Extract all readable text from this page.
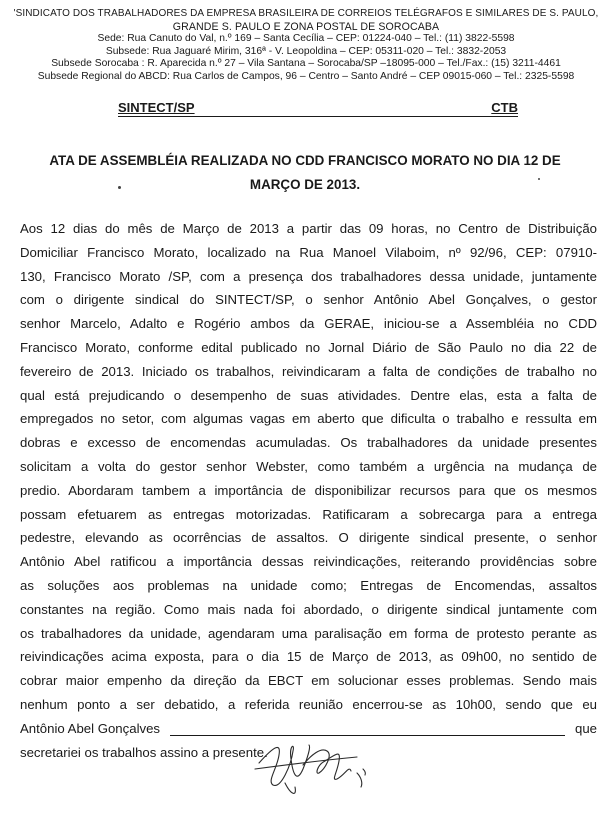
'SINDICATO DOS TRABALHADORES DA EMPRESA BRASILEIRA DE CORREIOS TELÉGRAFOS E SIMILARES DE S. PAULO,
GRANDE S. PAULO E ZONA POSTAL DE SOROCABA
Sede: Rua Canuto do Val, n.º 169 – Santa Cecília – CEP: 01224-040 – Tel.: (11) 3822-5598
Subsede: Rua Jaguaré Mirim, 316ª - V. Leopoldina – CEP: 05311-020 – Tel.: 3832-2053
Subsede Sorocaba : R. Aparecida n.º 27 – Vila Santana – Sorocaba/SP –18095-000 – Tel./Fax.: (15) 3211-4461
Subsede Regional do ABCD: Rua Carlos de Campos, 96 – Centro – Santo André – CEP 09015-060 – Tel.: 2325-5598
SINTECT/SP	CTB
ATA DE ASSEMBLÉIA REALIZADA NO CDD FRANCISCO MORATO NO DIA 12 DE
MARÇO DE 2013.
Aos 12 dias do mês de Março de 2013 a partir das 09 horas, no Centro de Distribuição
Domiciliar Francisco Morato, localizado na Rua Manoel Vilaboim, nº 92/96, CEP: 07910-
130, Francisco Morato /SP, com a presença dos trabalhadores dessa unidade, juntamente
com o dirigente sindical do SINTECT/SP, o senhor Antônio Abel Gonçalves, o gestor
senhor Marcelo, Adalto e Rogério ambos da GERAE, iniciou-se a Assembléia no CDD
Francisco Morato, conforme edital publicado no Jornal Diário de São Paulo no dia 22 de
fevereiro de 2013. Iniciado os trabalhos, reivindicaram a falta de condições de trabalho no
qual está prejudicando o desempenho de suas atividades. Dentre elas, esta a falta de
empregados no setor, com algumas vagas em aberto que dificulta o trabalho e ressulta em
dobras e excesso de encomendas acumuladas. Os trabalhadores da unidade presentes
solicitam a volta do gestor senhor Webster, como também a urgência na mudança de
predio. Abordaram tambem a importância de disponibilizar recursos para que os mesmos
possam efetuarem as entregas motorizadas. Ratificaram a sobrecarga para a entrega
pedestre, elevando as ocorrências de assaltos. O dirigente sindical presente, o senhor
Antônio Abel ratificou a importância dessas reivindicações, reiterando providências sobre
as soluções aos problemas na unidade como; Entregas de Encomendas, assaltos
constantes na região. Como mais nada foi abordado, o dirigente sindical juntamente com
os trabalhadores da unidade, agendaram uma paralisação em forma de protesto perante as
reivindicações acima exposta, para o dia 15 de Março de 2013, as 09h00, no sentido de
cobrar maior empenho da direção da EBCT em solucionar esses problemas. Sendo mais
nenhum ponto a ser debatido, a referida reunião encerrou-se as 10h00, sendo que eu
Antônio Abel Gonçalves	que
secretariei os trabalhos assino a presente.
